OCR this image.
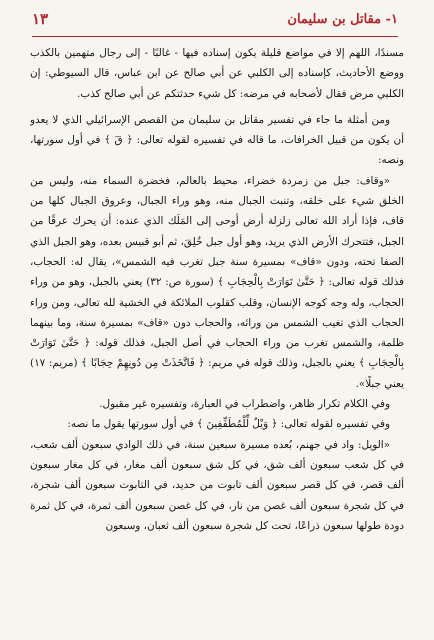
١- مقاتل بن سليمان
١٣

مسندًا، اللهم إلا في مواضع قليلة يكون إسناده فيها - غالبًا - إلى رجال متهمين بالكذب ووضع الأحاديث، كإسناده إلى الكلبي عن أبي صالح عن ابن عباس، قال السيوطي: إن الكلبي مرض فقال لأصحابه في مرضه: كل شيء حدثتكم عن أبي صالح كذب.

ومن أمثلة ما جاء في تفسير مقاتل بن سليمان من القصص الإسرائيلي الذي لا يعدو أن يكون من قبيل الخرافات، ما قاله في تفسيره لقوله تعالى: ﴿ قٓ ﴾ في أول سورتها، ونصه:

«وقاف: جبل من زمردة خضراء، محيط بالعالم، فخضرة السماء منه، وليس من الخلق شيء على خلقه، وتنبت الجبال منه، وهو وراء الجبال، وعروق الجبال كلها من قاف، فإذا أراد الله تعالى زلزلة أرض أوحى إلى المَلَك الذي عنده: أن يحرك عرقًا من الجبل، فتتحرك الأرض الذي يريد، وهو أول جبل خُلِقَ، ثم أبو قبيس بعده، وهو الجبل الذي الصفا تحته، ودون «قاف» بمسيرة سنة جبل تغرب فيه الشمس»، يقال له: الحجاب، فذلك قوله تعالى: ﴿ حَتَّىٰ تَوَارَتْ بِالْحِجَابِ ﴾ (سورة ص: ٣٢) يعني بالجبل، وهو من وراء الحجاب، وله وجه كوجه الإنسان، وقلب كقلوب الملائكة في الخشية لله تعالى، ومن وراء الحجاب الذي تغيب الشمس من ورائه، والحجاب دون «قاف» بمسيرة سنة، وما بينهما ظلمة، والشمس تغرب من وراء الحجاب في أصل الجبل، فذلك قوله: ﴿ حَتَّىٰ تَوَارَتْ بِالْحِجَابِ ﴾ يعني بالجبل، وذلك قوله في مريم: ﴿ فَاتَّخَذَتْ مِن دُونِهِمْ حِجَابًا ﴾ (مريم: ١٧) يعني جبلًا».

وفي الكلام تكرار ظاهر، واضطراب في العبارة، وتفسيره غير مقبول.

وفي تفسيره لقوله تعالى: ﴿ وَيْلٌ لِّلْمُطَفِّفِينَ ﴾ في أول سورتها يقول ما نصه:

«الويل: واد في جهنم، بُعده مسيرة سبعين سنة، في ذلك الوادي سبعون ألف شعب، في كل شعب سبعون ألف شق، في كل شق سبعون ألف مغار، في كل مغار سبعون ألف قصر، في كل قصر سبعون ألف تابوت من حديد، في التابوت سبعون ألف شجرة، في كل شجرة سبعون ألف غصن من نار، في كل غصن سبعون ألف ثمرة، في كل ثمرة دودة طولها سبعون ذراعًا، تحت كل شجرة سبعون ألف ثعبان، وسبعون
